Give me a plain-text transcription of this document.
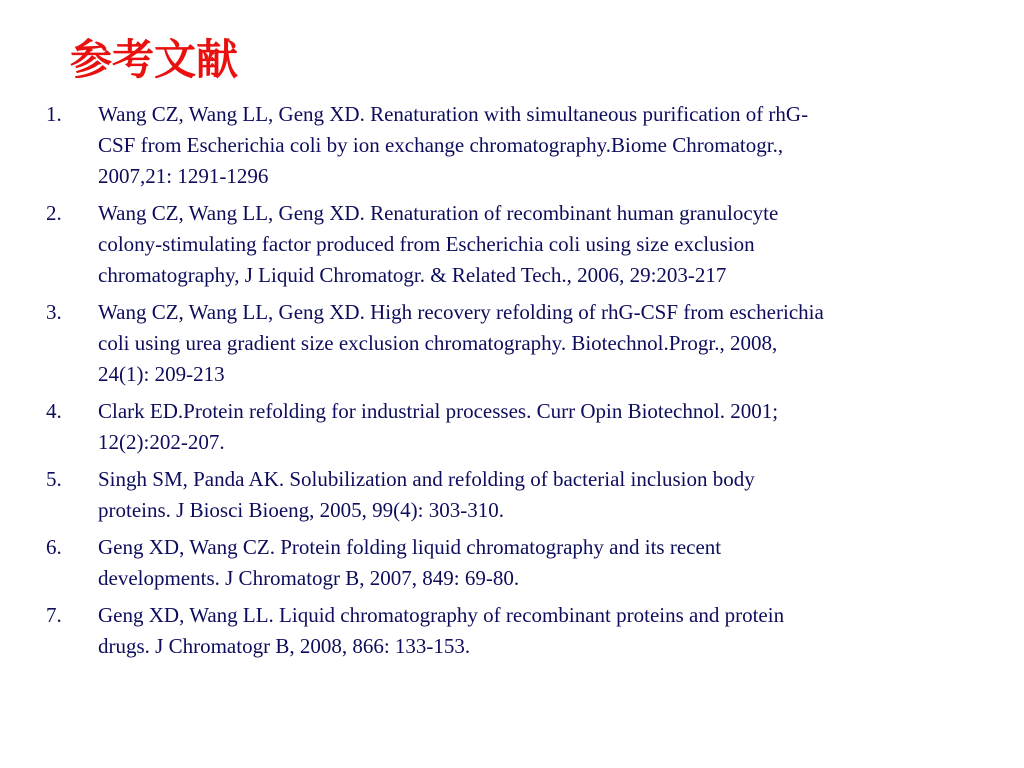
参考文献
1.	Wang CZ, Wang LL, Geng XD. Renaturation with simultaneous purification of rhG-
CSF from Escherichia coli by ion exchange chromatography.Biome Chromatogr.,
2007,21: 1291-1296
2.	Wang CZ, Wang LL, Geng XD. Renaturation of recombinant human granulocyte
colony-stimulating factor produced from Escherichia coli using size exclusion
chromatography, J Liquid Chromatogr. & Related Tech., 2006, 29:203-217
3.	Wang CZ, Wang LL, Geng XD. High recovery refolding of rhG-CSF from escherichia
coli using urea gradient size exclusion chromatography. Biotechnol.Progr., 2008,
24(1): 209-213
4.	Clark ED.Protein refolding for industrial processes. Curr Opin Biotechnol. 2001;
12(2):202-207.
5.	Singh SM, Panda AK. Solubilization and refolding of bacterial inclusion body
proteins. J Biosci Bioeng, 2005, 99(4): 303-310.
6.	Geng XD, Wang CZ. Protein folding liquid chromatography and its recent
developments. J Chromatogr B, 2007, 849: 69-80.
7.	Geng XD, Wang LL. Liquid chromatography of recombinant proteins and protein
drugs. J Chromatogr B, 2008, 866: 133-153.
